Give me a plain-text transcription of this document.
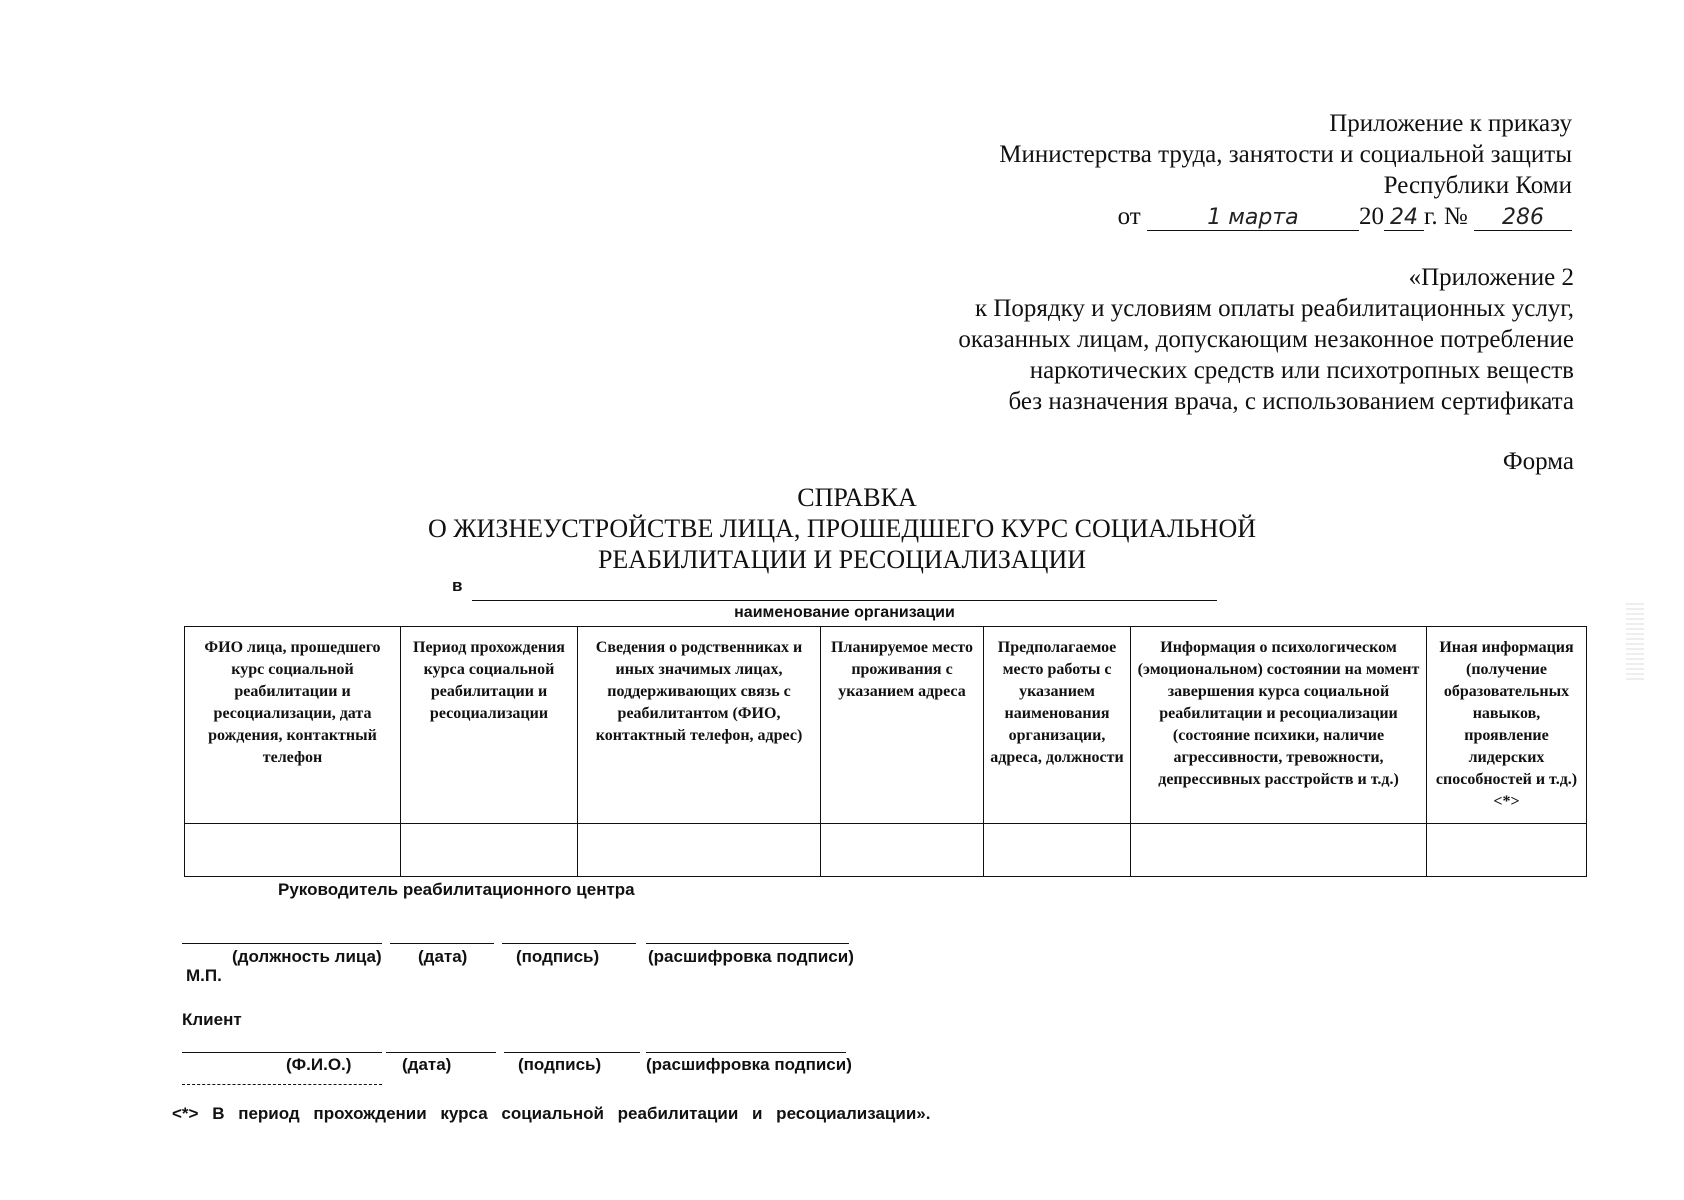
Приложение к приказу
Министерства труда, занятости и социальной защиты
Республики Коми
от	1 марта 20 24 г. № 286
«Приложение 2
к Порядку и условиям оплаты реабилитационных услуг,
оказанных лицам, допускающим незаконное потребление
наркотических средств или психотропных веществ
без назначения врача, с использованием сертификата
Форма
СПРАВКА
О ЖИЗНЕУСТРОЙСТВЕ ЛИЦА, ПРОШЕДШЕГО КУРС СОЦИАЛЬНОЙ
РЕАБИЛИТАЦИИ И РЕСОЦИАЛИЗАЦИИ
в
наименование организации
ФИО лица, прошедшего курс социальной реабилитации и ресоциализации, дата рождения, контактный телефон	Период прохождения курса социальной реабилитации и ресоциализации	Сведения о родственниках и иных значимых лицах, поддерживающих связь с реабилитантом (ФИО, контактный телефон, адрес)	Планируемое место проживания с указанием адреса	Предполагаемое место работы с указанием наименования организации, адреса, должности	Информация о психологическом (эмоциональном) состоянии на момент завершения курса социальной реабилитации и ресоциализации (состояние психики, наличие агрессивности, тревожности, депрессивных расстройств и т.д.)	Иная информация (получение образовательных навыков, проявление лидерских способностей и т.д.) <*>

Руководитель реабилитационного центра
(должность лица) (дата)	(подпись)	(расшифровка подписи)
М.П.
Клиент
(Ф.И.О.)	(дата)	(подпись)	(расшифровка подписи)
<*> В период прохождении курса социальной реабилитации и ресоциализации».
